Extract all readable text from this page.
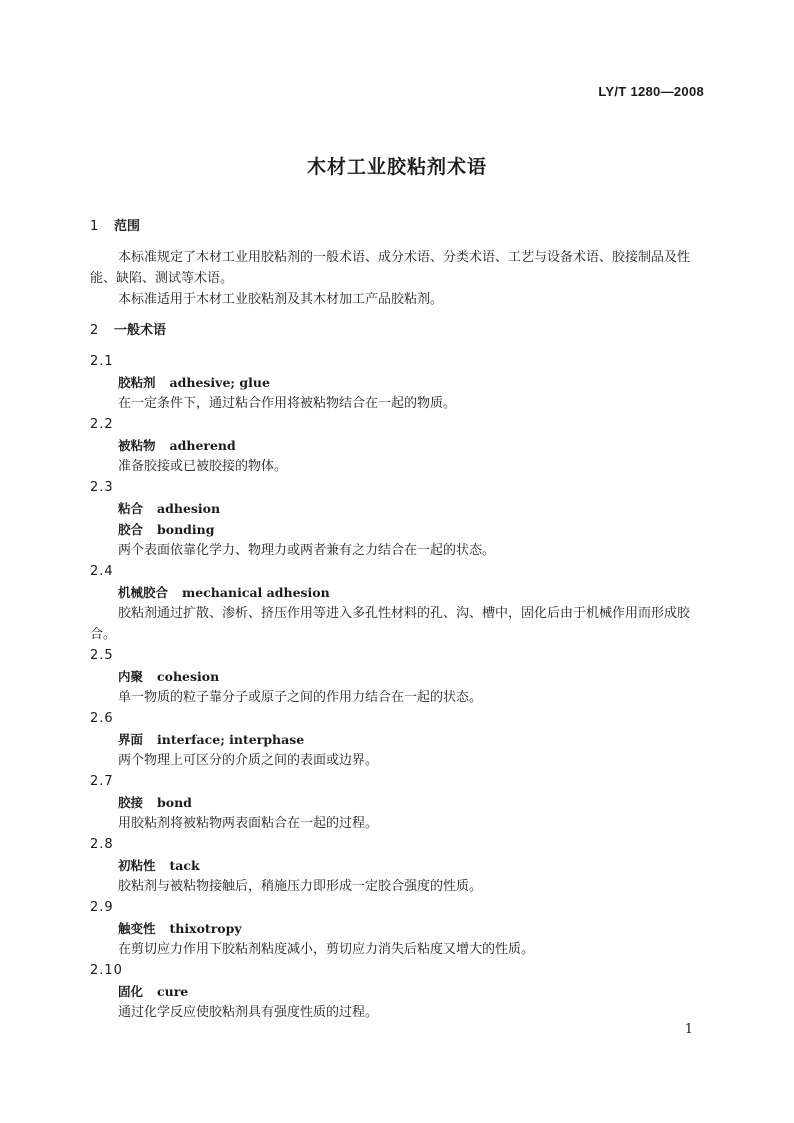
LY/T 1280—2008
木材工业胶粘剂术语
1 范围
本标准规定了木材工业用胶粘剂的一般术语、成分术语、分类术语、工艺与设备术语、胶接制品及性能、缺陷、测试等术语。
本标准适用于木材工业胶粘剂及其木材加工产品胶粘剂。
2 一般术语
2.1
胶粘剂 adhesive; glue
在一定条件下，通过粘合作用将被粘物结合在一起的物质。
2.2
被粘物 adherend
准备胶接或已被胶接的物体。
2.3
粘合 adhesion
胶合 bonding
两个表面依靠化学力、物理力或两者兼有之力结合在一起的状态。
2.4
机械胶合 mechanical adhesion
胶粘剂通过扩散、渗析、挤压作用等进入多孔性材料的孔、沟、槽中，固化后由于机械作用而形成胶合。
2.5
内聚 cohesion
单一物质的粒子靠分子或原子之间的作用力结合在一起的状态。
2.6
界面 interface; interphase
两个物理上可区分的介质之间的表面或边界。
2.7
胶接 bond
用胶粘剂将被粘物两表面粘合在一起的过程。
2.8
初粘性 tack
胶粘剂与被粘物接触后，稍施压力即形成一定胶合强度的性质。
2.9
触变性 thixotropy
在剪切应力作用下胶粘剂粘度减小，剪切应力消失后粘度又增大的性质。
2.10
固化 cure
通过化学反应使胶粘剂具有强度性质的过程。
1
